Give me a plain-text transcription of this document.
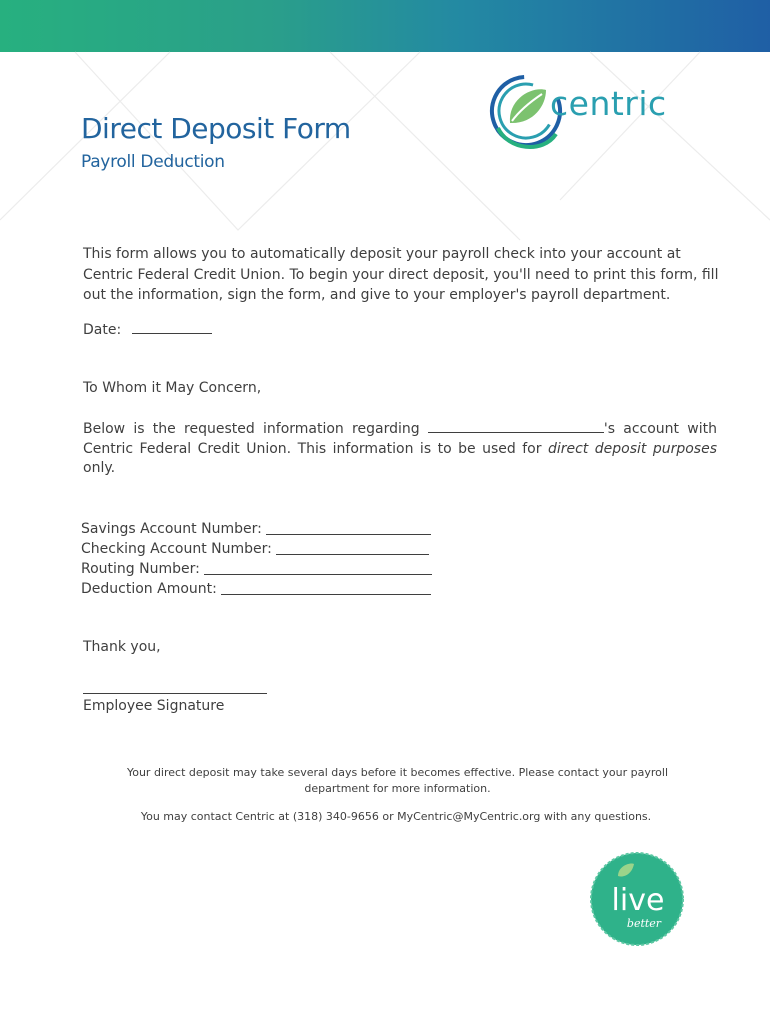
centric
Direct Deposit Form
Payroll Deduction

This form allows you to automatically deposit your payroll check into your account at Centric Federal Credit Union. To begin your direct deposit, you'll need to print this form, fill out the information, sign the form, and give to your employer's payroll department.

Date:
To Whom it May Concern,

Below is the requested information regarding	's account with Centric Federal Credit Union. This information is to be used for direct deposit purposes only.

Savings Account Number:
Checking Account Number:
Routing Number:
Deduction Amount:
Thank you,
Employee Signature

Your direct deposit may take several days before it becomes effective. Please contact your payroll department for more information.

You may contact Centric at (318) 340-9656 or MyCentric@MyCentric.org with any questions.

live
better
